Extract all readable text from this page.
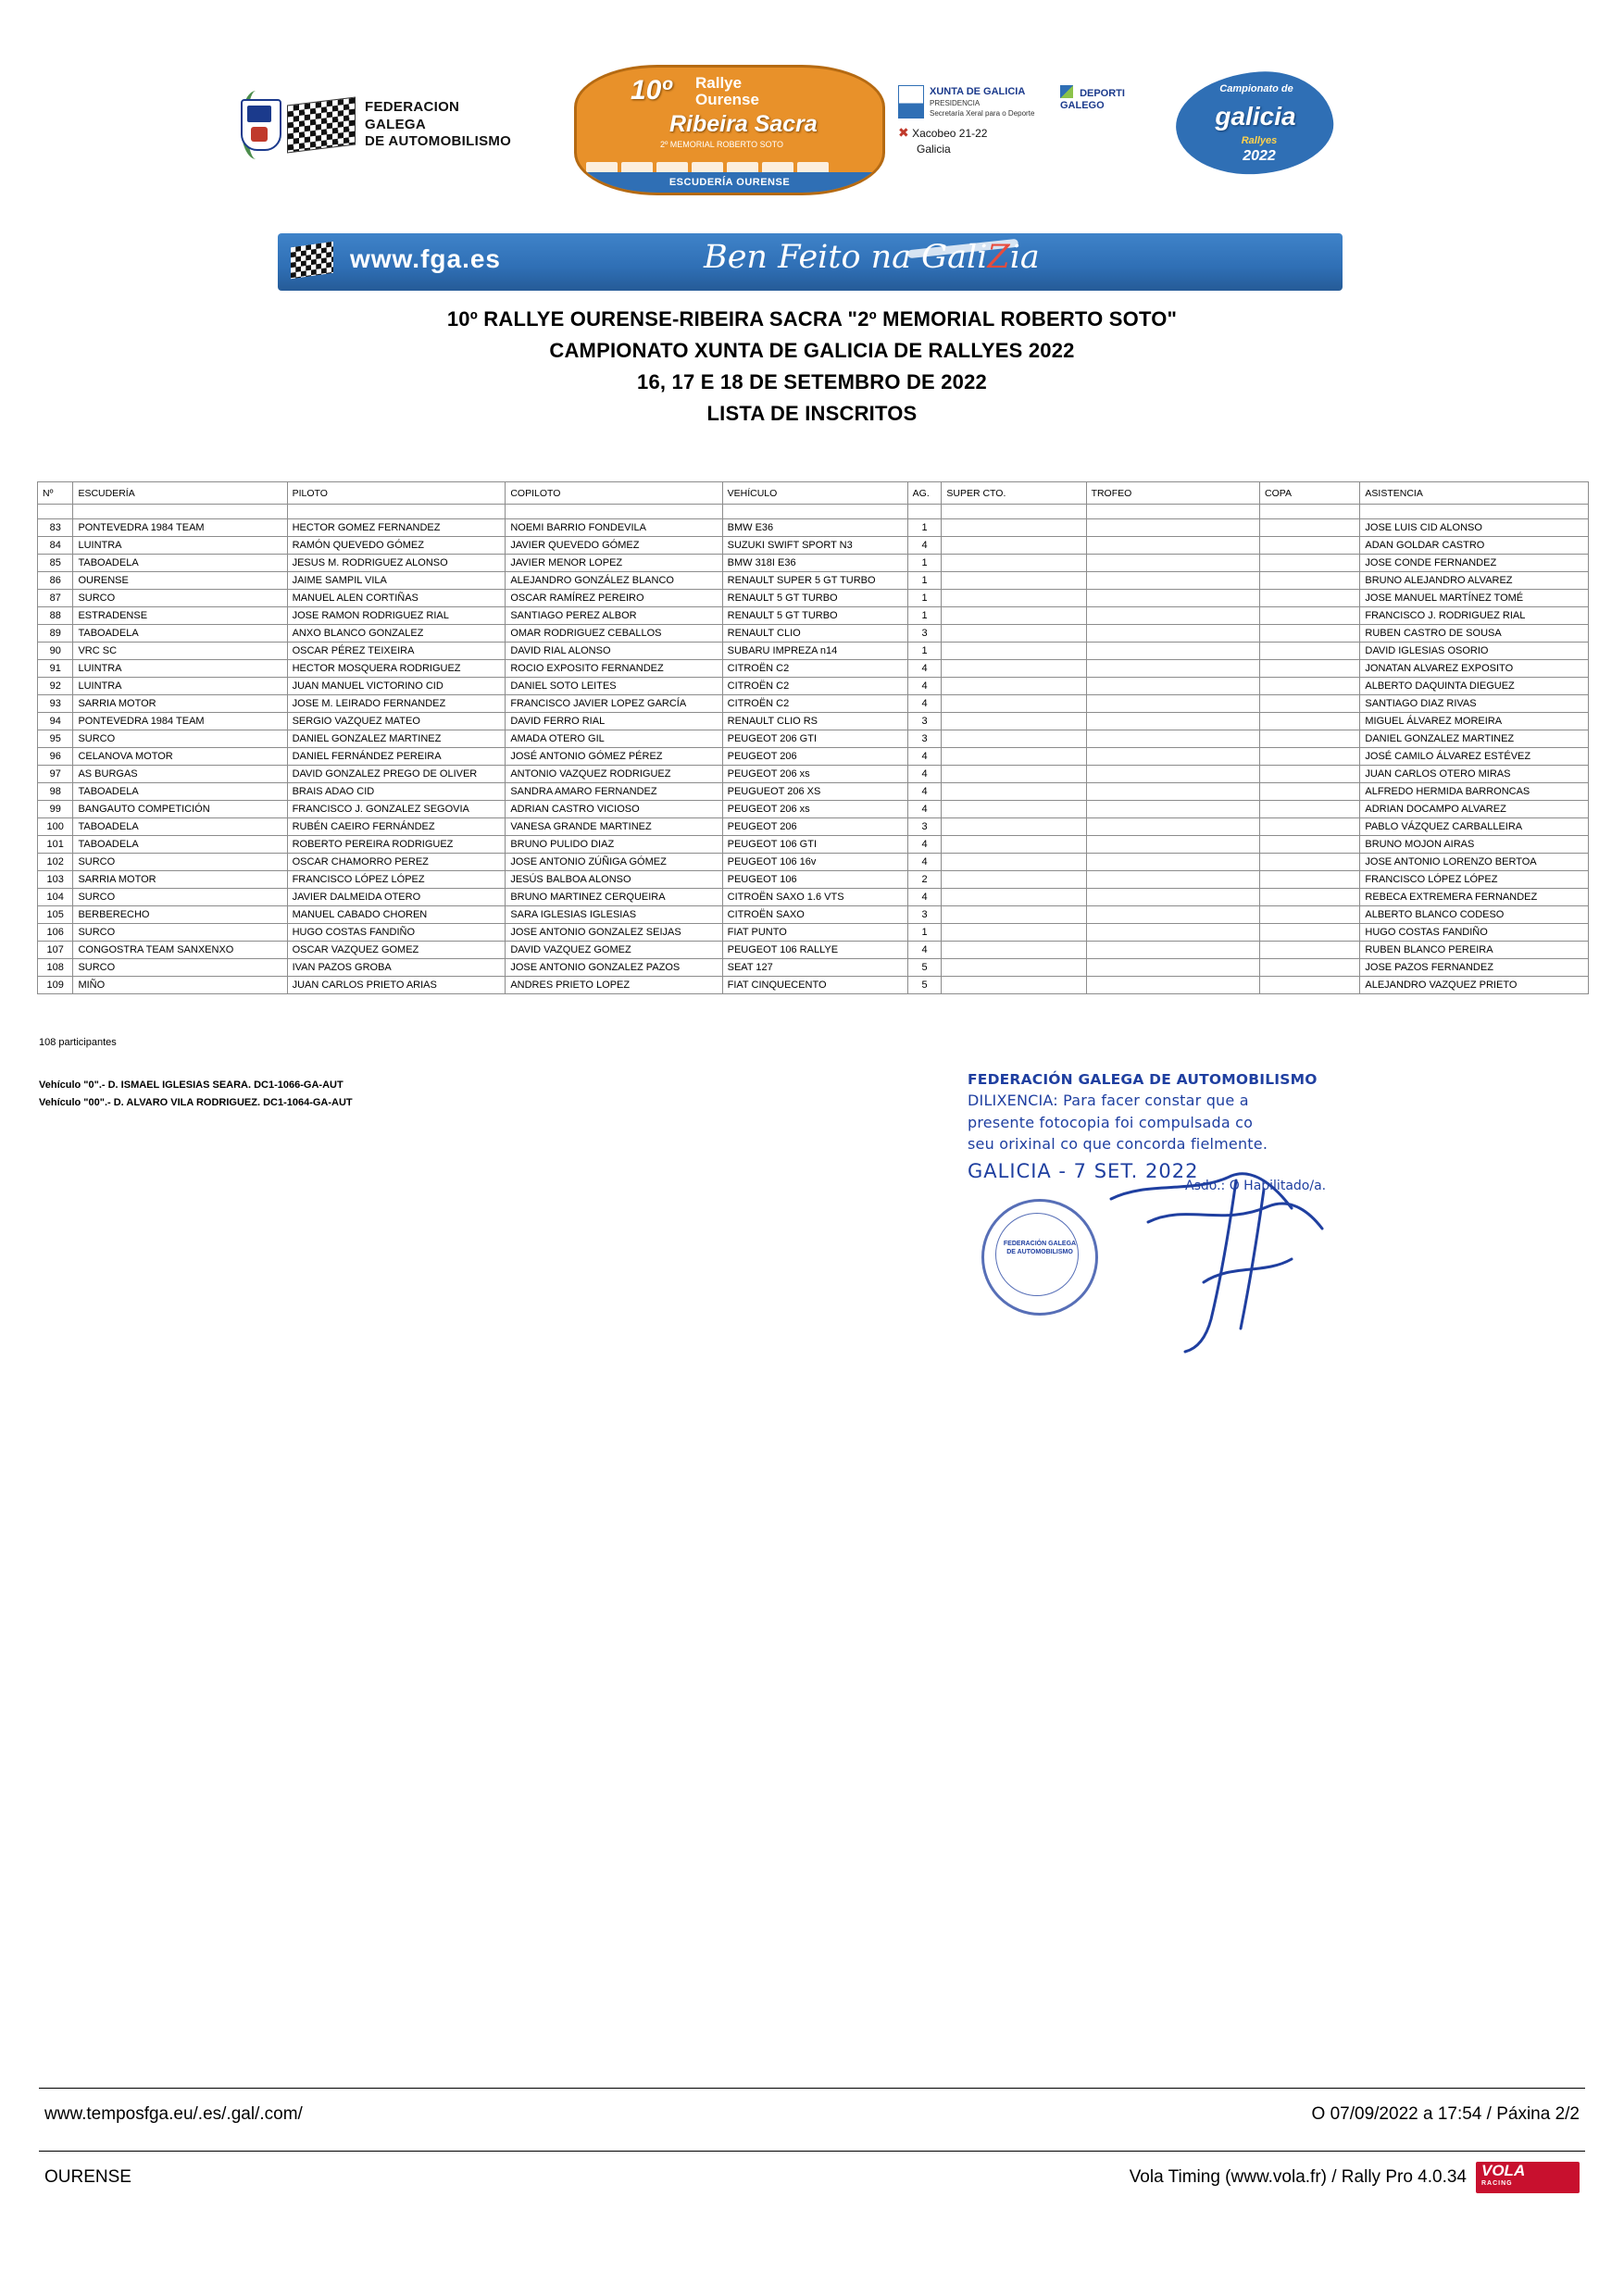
FEDERACION GALEGA
DE AUTOMOBILISMO
10º Rallye
Ourense
Ribeira Sacra
2º MEMORIAL ROBERTO SOTO
ESCUDERÍA OURENSE
XUNTA DE GALICIA
PRESIDENCIA
Secretaría Xeral para o Deporte
DEPORTI
GALEGO
✖ Xacobeo 21-22
Galicia
Campionato de
galicia
Rallyes
2022
www.fga.es	Ben Feito na GaliZia
10º RALLYE OURENSE-RIBEIRA SACRA "2º MEMORIAL ROBERTO SOTO"
CAMPIONATO XUNTA DE GALICIA DE RALLYES 2022
16, 17 E 18 DE SETEMBRO DE 2022
LISTA DE INSCRITOS
Nº	ESCUDERÍA	PILOTO	COPILOTO	VEHÍCULO	AG.	SUPER CTO.	TROFEO	COPA	ASISTENCIA

83	PONTEVEDRA 1984 TEAM	HECTOR GOMEZ FERNANDEZ	NOEMI BARRIO FONDEVILA	BMW E36	1				JOSE LUIS CID ALONSO
84	LUINTRA	RAMÓN QUEVEDO GÓMEZ	JAVIER QUEVEDO GÓMEZ	SUZUKI SWIFT SPORT N3	4				ADAN GOLDAR CASTRO
85	TABOADELA	JESUS M. RODRIGUEZ ALONSO	JAVIER MENOR LOPEZ	BMW 318I E36	1				JOSE CONDE FERNANDEZ
86	OURENSE	JAIME SAMPIL VILA	ALEJANDRO GONZÁLEZ BLANCO	RENAULT SUPER 5 GT TURBO	1				BRUNO ALEJANDRO ALVAREZ
87	SURCO	MANUEL ALEN CORTIÑAS	OSCAR RAMÍREZ PEREIRO	RENAULT 5 GT TURBO	1				JOSE MANUEL MARTÍNEZ TOMÉ
88	ESTRADENSE	JOSE RAMON RODRIGUEZ RIAL	SANTIAGO PEREZ ALBOR	RENAULT 5 GT TURBO	1				FRANCISCO J. RODRIGUEZ RIAL
89	TABOADELA	ANXO BLANCO GONZALEZ	OMAR RODRIGUEZ CEBALLOS	RENAULT CLIO	3				RUBEN CASTRO DE SOUSA
90	VRC SC	OSCAR PÉREZ TEIXEIRA	DAVID RIAL ALONSO	SUBARU IMPREZA n14	1				DAVID IGLESIAS OSORIO
91	LUINTRA	HECTOR MOSQUERA RODRIGUEZ	ROCIO EXPOSITO FERNANDEZ	CITROËN C2	4				JONATAN ALVAREZ EXPOSITO
92	LUINTRA	JUAN MANUEL VICTORINO CID	DANIEL SOTO LEITES	CITROËN C2	4				ALBERTO DAQUINTA DIEGUEZ
93	SARRIA MOTOR	JOSE M. LEIRADO FERNANDEZ	FRANCISCO JAVIER LOPEZ GARCÍA	CITROËN C2	4				SANTIAGO DIAZ RIVAS
94	PONTEVEDRA 1984 TEAM	SERGIO VAZQUEZ MATEO	DAVID FERRO RIAL	RENAULT CLIO RS	3				MIGUEL ÁLVAREZ MOREIRA
95	SURCO	DANIEL GONZALEZ MARTINEZ	AMADA OTERO GIL	PEUGEOT 206 GTI	3				DANIEL GONZALEZ MARTINEZ
96	CELANOVA MOTOR	DANIEL FERNÁNDEZ PEREIRA	JOSÉ ANTONIO GÓMEZ PÉREZ	PEUGEOT 206	4				JOSÉ CAMILO ÁLVAREZ ESTÉVEZ
97	AS BURGAS	DAVID GONZALEZ PREGO DE OLIVER	ANTONIO VAZQUEZ RODRIGUEZ	PEUGEOT 206 xs	4				JUAN CARLOS OTERO MIRAS
98	TABOADELA	BRAIS ADAO CID	SANDRA AMARO FERNANDEZ	PEUGUEOT 206 XS	4				ALFREDO HERMIDA BARRONCAS
99	BANGAUTO COMPETICIÓN	FRANCISCO J. GONZALEZ SEGOVIA	ADRIAN CASTRO VICIOSO	PEUGEOT 206 xs	4				ADRIAN DOCAMPO ALVAREZ
100	TABOADELA	RUBÉN CAEIRO FERNÁNDEZ	VANESA GRANDE MARTINEZ	PEUGEOT 206	3				PABLO VÁZQUEZ CARBALLEIRA
101	TABOADELA	ROBERTO PEREIRA RODRIGUEZ	BRUNO PULIDO DIAZ	PEUGEOT 106 GTI	4				BRUNO MOJON AIRAS
102	SURCO	OSCAR CHAMORRO PEREZ	JOSE ANTONIO ZÚÑIGA GÓMEZ	PEUGEOT 106 16v	4				JOSE ANTONIO LORENZO BERTOA
103	SARRIA MOTOR	FRANCISCO LÓPEZ LÓPEZ	JESÚS BALBOA ALONSO	PEUGEOT 106	2				FRANCISCO LÓPEZ LÓPEZ
104	SURCO	JAVIER DALMEIDA OTERO	BRUNO MARTINEZ CERQUEIRA	CITROËN SAXO 1.6 VTS	4				REBECA EXTREMERA FERNANDEZ
105	BERBERECHO	MANUEL CABADO CHOREN	SARA IGLESIAS IGLESIAS	CITROËN SAXO	3				ALBERTO BLANCO CODESO
106	SURCO	HUGO COSTAS FANDIÑO	JOSE ANTONIO GONZALEZ SEIJAS	FIAT PUNTO	1				HUGO COSTAS FANDIÑO
107	CONGOSTRA TEAM SANXENXO	OSCAR VAZQUEZ GOMEZ	DAVID VAZQUEZ GOMEZ	PEUGEOT 106 RALLYE	4				RUBEN BLANCO PEREIRA
108	SURCO	IVAN PAZOS GROBA	JOSE ANTONIO GONZALEZ PAZOS	SEAT 127	5				JOSE PAZOS FERNANDEZ
109	MIÑO	JUAN CARLOS PRIETO ARIAS	ANDRES PRIETO LOPEZ	FIAT CINQUECENTO	5				ALEJANDRO VAZQUEZ PRIETO
108 participantes
Vehículo "0".- D. ISMAEL IGLESIAS SEARA. DC1-1066-GA-AUT
Vehículo "00".- D. ALVARO VILA RODRIGUEZ. DC1-1064-GA-AUT
FEDERACIÓN GALEGA DE AUTOMOBILISMO
DILIXENCIA: Para facer constar que a
presente fotocopia foi compulsada co
seu orixinal co que concorda fielmente.
GALICIA - 7 SET. 2022
Asdo.: O Habilitado/a.
FEDERACIÓN GALEGA
DE AUTOMOBILISMO
www.temposfga.eu/.es/.gal/.com/	O 07/09/2022 a 17:54 / Páxina 2/2
OURENSE	Vola Timing (www.vola.fr) / Rally Pro 4.0.34 VOLA
RACING
